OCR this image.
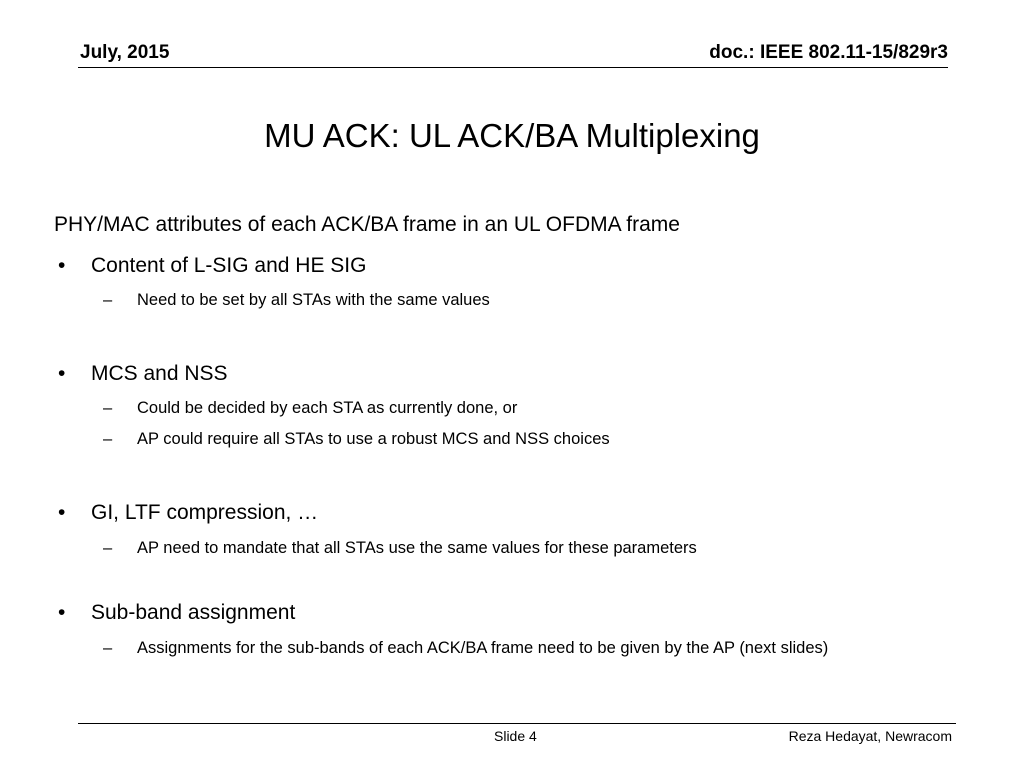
July, 2015	doc.: IEEE 802.11-15/829r3
MU ACK: UL ACK/BA Multiplexing
PHY/MAC attributes of each ACK/BA frame in an UL OFDMA frame
• Content of L-SIG and HE SIG
– Need to be set by all STAs with the same values
• MCS and NSS
– Could be decided by each STA as currently done, or
– AP could require all STAs to use a robust MCS and NSS choices
• GI, LTF compression, …
– AP need to mandate that all STAs use the same values for these parameters
• Sub-band assignment
– Assignments for the sub-bands of each ACK/BA frame need to be given by the AP (next slides)
Slide 4	Reza Hedayat, Newracom
